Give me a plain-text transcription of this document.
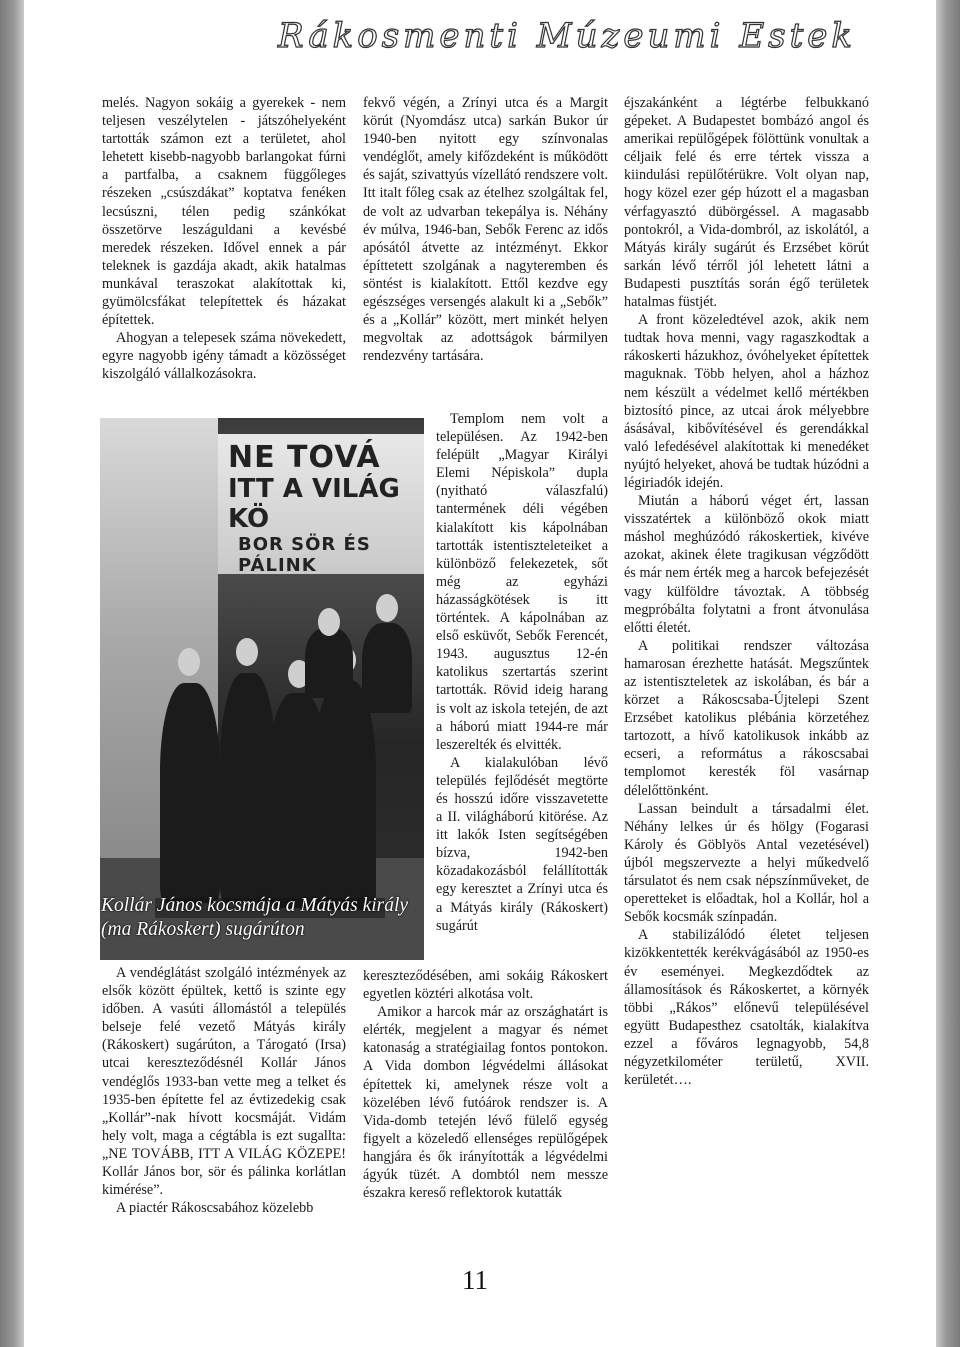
Rákosmenti Múzeumi Estek

melés. Nagyon sokáig a gyerekek - nem teljesen veszélytelen - játszóhelyeként tartották számon ezt a területet, ahol lehetett kisebb-nagyobb barlangokat fúrni a partfalba, a csaknem függőleges részeken „csúszdákat” koptatva fenéken lecsúszni, télen pedig szánkókat összetörve leszáguldani a kevésbé meredek részeken. Idővel ennek a pár teleknek is gazdája akadt, akik hatalmas munkával teraszokat alakítottak ki, gyümölcsfákat telepítettek és házakat építettek.

Ahogyan a telepesek száma növekedett, egyre nagyobb igény támadt a közösséget kiszolgáló vállalkozásokra.

NE TOVÁ
ITT A VILÁG KÖ
BOR SÖR ÉS PÁLINK
Kollár János kocsmája a Mátyás király (ma Rákoskert) sugárúton

A vendéglátást szolgáló intézmények az elsők között épültek, kettő is szinte egy időben. A vasúti állomástól a település belseje felé vezető Mátyás király (Rákoskert) sugárúton, a Tárogató (Irsa) utcai kereszteződésnél Kollár János vendéglős 1933-ban vette meg a telket és 1935-ben építette fel az évtizedekig csak „Kollár”-nak hívott kocsmáját. Vidám hely volt, maga a cégtábla is ezt sugallta: „NE TOVÁBB, ITT A VILÁG KÖZEPE! Kollár János bor, sör és pálinka korlátlan kimérése”.

A piactér Rákoscsabához közelebb

fekvő végén, a Zrínyi utca és a Margit körút (Nyomdász utca) sarkán Bukor úr 1940-ben nyitott egy színvonalas vendéglőt, amely kifőzdeként is működött és saját, szivattyús vízellátó rendszere volt. Itt italt főleg csak az ételhez szolgáltak fel, de volt az udvarban tekepálya is. Néhány év múlva, 1946-ban, Sebők Ferenc az idős apósától átvette az intézményt. Ekkor építtetett szolgának a nagyteremben és söntést is kialakított. Ettől kezdve egy egészséges versengés alakult ki a „Sebők” és a „Kollár” között, mert minkét helyen megvoltak az adottságok bármilyen rendezvény tartására.

Templom nem volt a településen. Az 1942-ben felépült „Magyar Királyi Elemi Népiskola” dupla (nyitható válaszfalú) tantermének déli végében kialakított kis kápolnában tartották istentiszteleteiket a különböző felekezetek, sőt még az egyházi házasságkötések is itt történtek. A kápolnában az első esküvőt, Sebők Ferencét, 1943. augusztus 12-én katolikus szertartás szerint tartották. Rövid ideig harang is volt az iskola tetején, de azt a háború miatt 1944-re már leszerelték és elvitték.

A kialakulóban lévő település fejlődését megtörte és hosszú időre visszavetette a II. világháború kitörése. Az itt lakók Isten segítségében bízva, 1942-ben közadakozásból felállították egy keresztet a Zrínyi utca és a Mátyás király (Rákoskert) sugárút

kereszteződésében, ami sokáig Rákoskert egyetlen köztéri alkotása volt.

Amikor a harcok már az országhatárt is elérték, megjelent a magyar és német katonaság a stratégiailag fontos pontokon. A Vida dombon légvédelmi állásokat építettek ki, amelynek része volt a közelében lévő futóárok rendszer is. A Vida-domb tetején lévő fülelő egység figyelt a közeledő ellenséges repülőgépek hangjára és ők irányították a légvédelmi ágyúk tüzét. A dombtól nem messze északra kereső reflektorok kutatták

éjszakánként a légtérbe felbukkanó gépeket. A Budapestet bombázó angol és amerikai repülőgépek fölöttünk vonultak a céljaik felé és erre tértek vissza a kiindulási repülőtérükre. Volt olyan nap, hogy közel ezer gép húzott el a magasban vérfagyasztó dübörgéssel. A magasabb pontokról, a Vida-dombról, az iskolától, a Mátyás király sugárút és Erzsébet körút sarkán lévő térről jól lehetett látni a Budapesti pusztítás során égő területek hatalmas füstjét.

A front közeledtével azok, akik nem tudtak hova menni, vagy ragaszkodtak a rákoskerti házukhoz, óvóhelyeket építettek maguknak. Több helyen, ahol a házhoz nem készült a védelmet kellő mértékben biztosító pince, az utcai árok mélyebbre ásásával, kibővítésével és gerendákkal való lefedésével alakítottak ki menedéket nyújtó helyeket, ahová be tudtak húzódni a légiriadók idején.

Miután a háború véget ért, lassan visszatértek a különböző okok miatt máshol meghúzódó rákoskertiek, kivéve azokat, akinek élete tragikusan végződött és már nem érték meg a harcok befejezését vagy külföldre távoztak. A többség megpróbálta folytatni a front átvonulása előtti életét.

A politikai rendszer változása hamarosan érezhette hatását. Megszűntek az istentiszteletek az iskolában, és bár a körzet a Rákoscsaba-Újtelepi Szent Erzsébet katolikus plébánia körzetéhez tartozott, a hívő katolikusok inkább az ecseri, a református a rákoscsabai templomot keresték föl vasárnap délelőttönként.

Lassan beindult a társadalmi élet. Néhány lelkes úr és hölgy (Fogarasi Károly és Göblyös Antal vezetésével) újból megszervezte a helyi műkedvelő társulatot és nem csak népszínműveket, de operetteket is előadtak, hol a Kollár, hol a Sebők kocsmák színpadán.

A stabilizálódó életet teljesen kizökkentették kerékvágásából az 1950-es év eseményei. Megkezdődtek az államosítások és Rákoskertet, a környék többi „Rákos” előnevű településével együtt Budapesthez csatolták, kialakítva ezzel a főváros legnagyobb, 54,8 négyzetkilométer területű, XVII. kerületét….

11
